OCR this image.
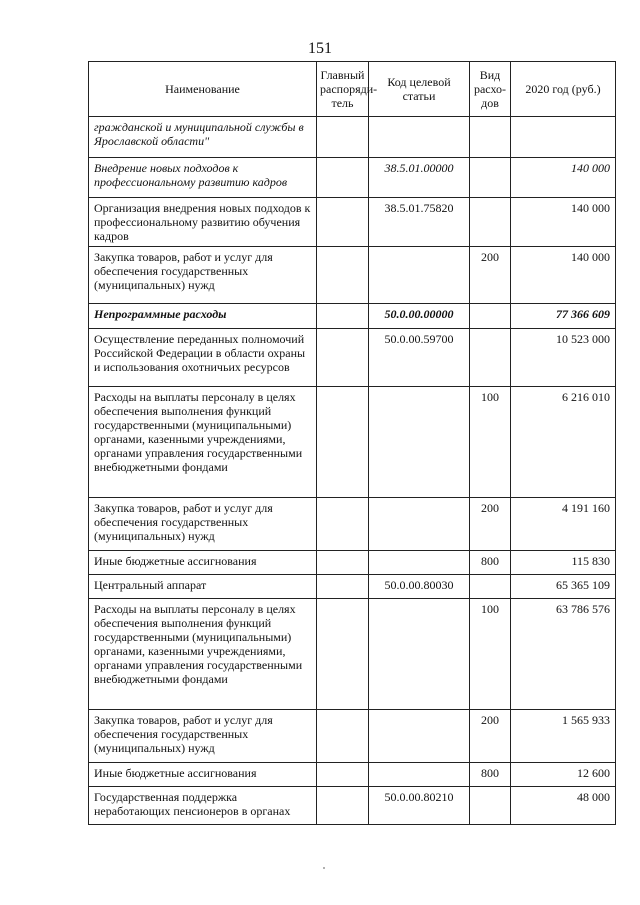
151
Наименование	Главный распоряди-тель	Код целевой статьи	Вид расхо-дов	2020 год (руб.)
гражданской и муниципальной службы в Ярославской области"				
Внедрение новых подходов к профессиональному развитию кадров		38.5.01.00000		140 000
Организация внедрения новых подходов к профессиональному развитию обучения кадров		38.5.01.75820		140 000
Закупка товаров, работ и услуг для обеспечения государственных (муниципальных) нужд			200	140 000
Непрограммные расходы		50.0.00.00000		77 366 609
Осуществление переданных полномочий Российской Федерации в области охраны и использования охотничьих ресурсов		50.0.00.59700		10 523 000
Расходы на выплаты персоналу в целях обеспечения выполнения функций государственными (муниципальными) органами, казенными учреждениями, органами управления государственными внебюджетными фондами			100	6 216 010
Закупка товаров, работ и услуг для обеспечения государственных (муниципальных) нужд			200	4 191 160
Иные бюджетные ассигнования			800	115 830
Центральный аппарат		50.0.00.80030		65 365 109
Расходы на выплаты персоналу в целях обеспечения выполнения функций государственными (муниципальными) органами, казенными учреждениями, органами управления государственными внебюджетными фондами			100	63 786 576
Закупка товаров, работ и услуг для обеспечения государственных (муниципальных) нужд			200	1 565 933
Иные бюджетные ассигнования			800	12 600
Государственная поддержка неработающих пенсионеров в органах		50.0.00.80210		48 000
